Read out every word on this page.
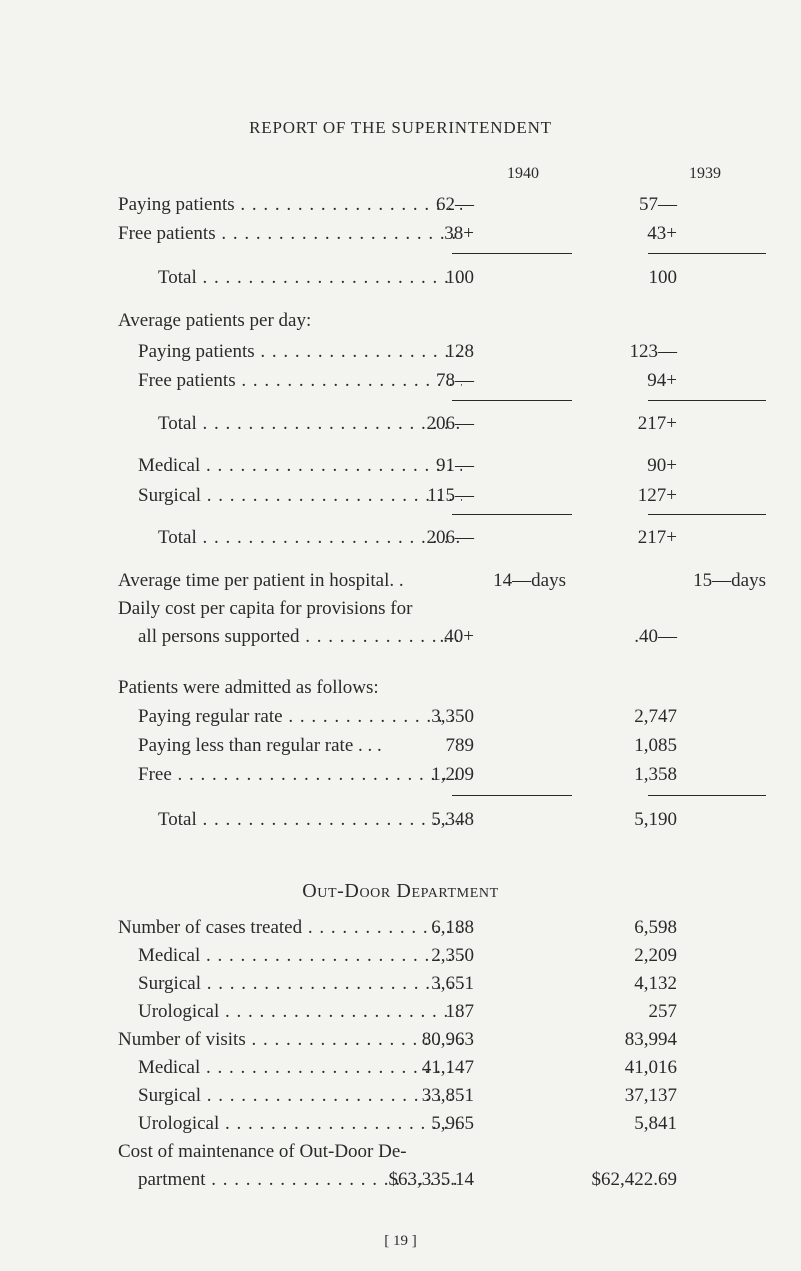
REPORT OF THE SUPERINTENDENT
1940	1939
Paying patients . . .	62—	57—
Free patients . . .	38+	43+
Total . . .	100	100
Average patients per day:
Paying patients . . .	128	123—
Free patients . . .	78—	94+
Total . . .	206—	217+
Medical . . .	91—	90+
Surgical . . .	115—	127+
Total . . .	206—	217+
Average time per patient in hospital. .	14—days	15—days
Daily cost per capita for provisions for
all persons supported . . .	.40+	.40—
Patients were admitted as follows:
Paying regular rate . . .	3,350	2,747
Paying less than regular rate . . .	789	1,085
Free . . .	1,209	1,358
Total . . .	5,348	5,190
Out-Door Department
Number of cases treated . . .	6,188	6,598
Medical . . .	2,350	2,209
Surgical . . .	3,651	4,132
Urological . . .	187	257
Number of visits . . .	80,963	83,994
Medical . . .	41,147	41,016
Surgical . . .	33,851	37,137
Urological . . .	5,965	5,841
Cost of maintenance of Out-Door De-
partment . . .	$63,335.14	$62,422.69
[ 19 ]
